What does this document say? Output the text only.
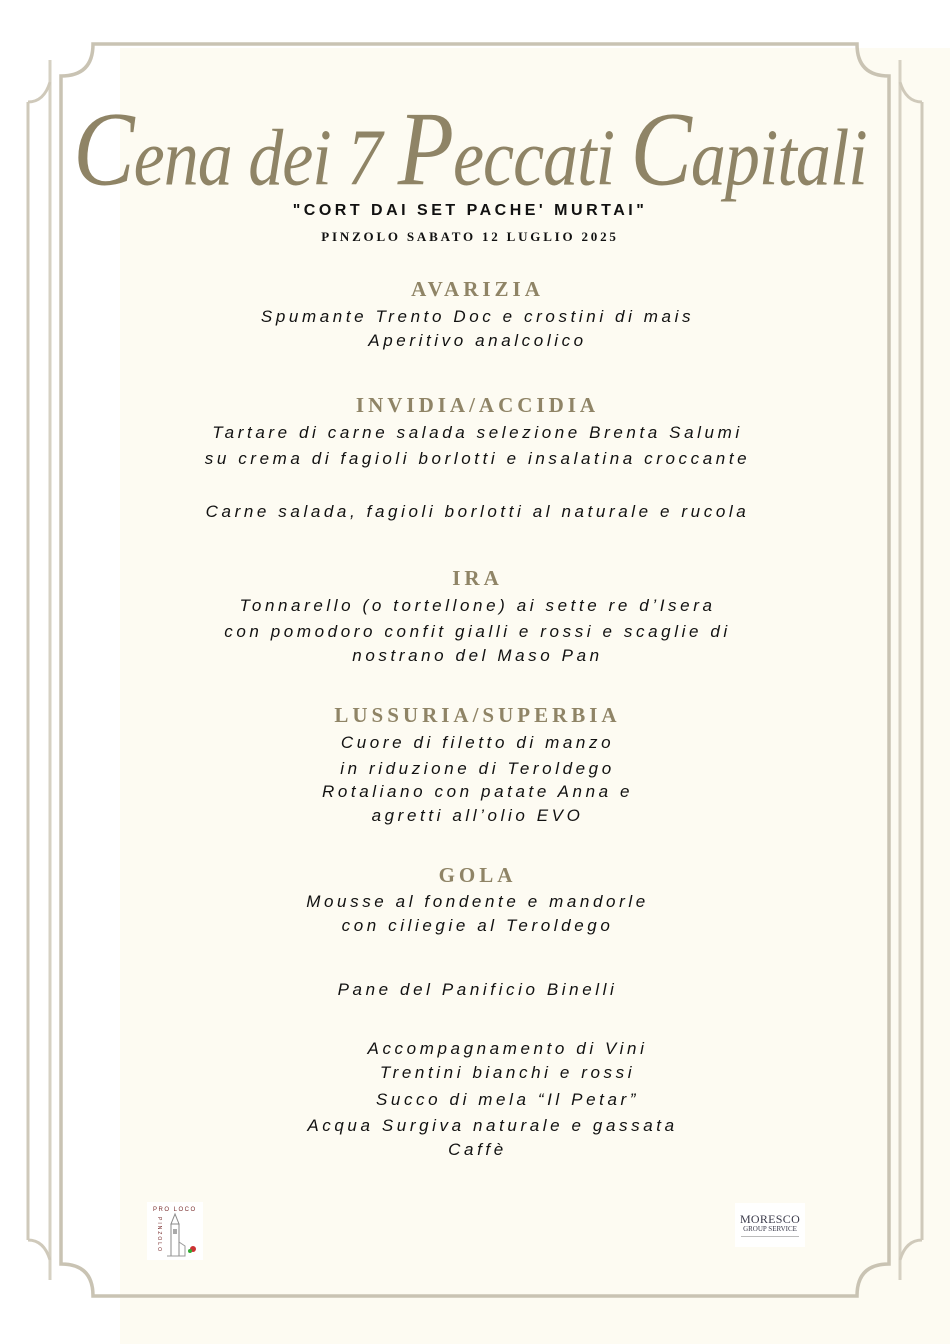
Cena dei 7 Peccati Capitali
"CORT DAI SET PACHE' MURTAI"
PINZOLO SABATO 12 LUGLIO 2025
AVARIZIA
Spumante Trento Doc e crostini di mais
Aperitivo analcolico
INVIDIA/ACCIDIA
Tartare di carne salada selezione Brenta Salumi
su crema di fagioli borlotti e insalatina croccante
Carne salada, fagioli borlotti al naturale e rucola
IRA
Tonnarello (o tortellone) ai sette re d’Isera
con pomodoro confit gialli e rossi e scaglie di
nostrano del Maso Pan
LUSSURIA/SUPERBIA
Cuore di filetto di manzo
in riduzione di Teroldego
Rotaliano con patate Anna e
agretti all’olio EVO
GOLA
Mousse al fondente e mandorle
con ciliegie al Teroldego
Pane del Panificio Binelli
Accompagnamento di Vini
Trentini bianchi e rossi
Succo di mela “Il Petar”
Acqua Surgiva naturale e gassata
Caffè
PRO LOCO
PINZOLO	MORESCO
GROUP SERVICE
